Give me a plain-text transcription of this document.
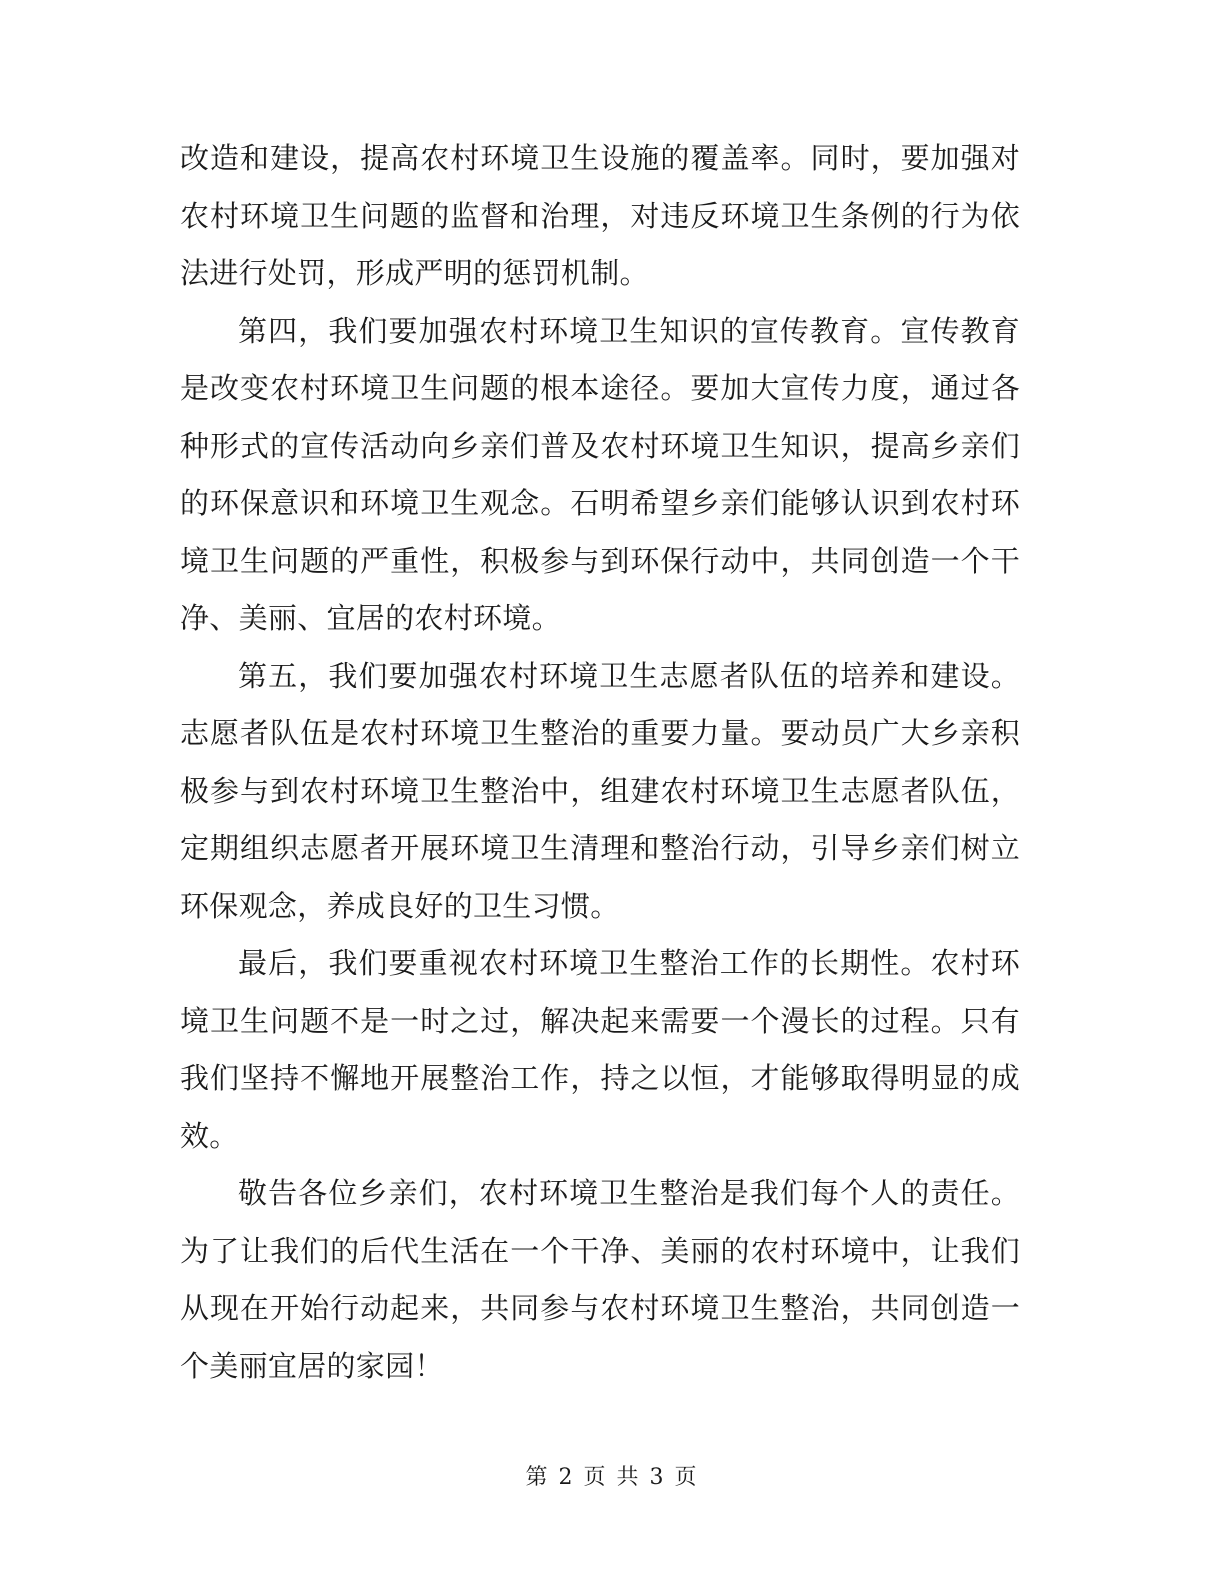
改造和建设，提高农村环境卫生设施的覆盖率。同时，要加强对农村环境卫生问题的监督和治理，对违反环境卫生条例的行为依法进行处罚，形成严明的惩罚机制。

第四，我们要加强农村环境卫生知识的宣传教育。宣传教育是改变农村环境卫生问题的根本途径。要加大宣传力度，通过各种形式的宣传活动向乡亲们普及农村环境卫生知识，提高乡亲们的环保意识和环境卫生观念。石明希望乡亲们能够认识到农村环境卫生问题的严重性，积极参与到环保行动中，共同创造一个干净、美丽、宜居的农村环境。

第五，我们要加强农村环境卫生志愿者队伍的培养和建设。志愿者队伍是农村环境卫生整治的重要力量。要动员广大乡亲积极参与到农村环境卫生整治中，组建农村环境卫生志愿者队伍，定期组织志愿者开展环境卫生清理和整治行动，引导乡亲们树立环保观念，养成良好的卫生习惯。

最后，我们要重视农村环境卫生整治工作的长期性。农村环境卫生问题不是一时之过，解决起来需要一个漫长的过程。只有我们坚持不懈地开展整治工作，持之以恒，才能够取得明显的成效。

敬告各位乡亲们，农村环境卫生整治是我们每个人的责任。为了让我们的后代生活在一个干净、美丽的农村环境中，让我们从现在开始行动起来，共同参与农村环境卫生整治，共同创造一个美丽宜居的家园！

第 2 页 共 3 页
